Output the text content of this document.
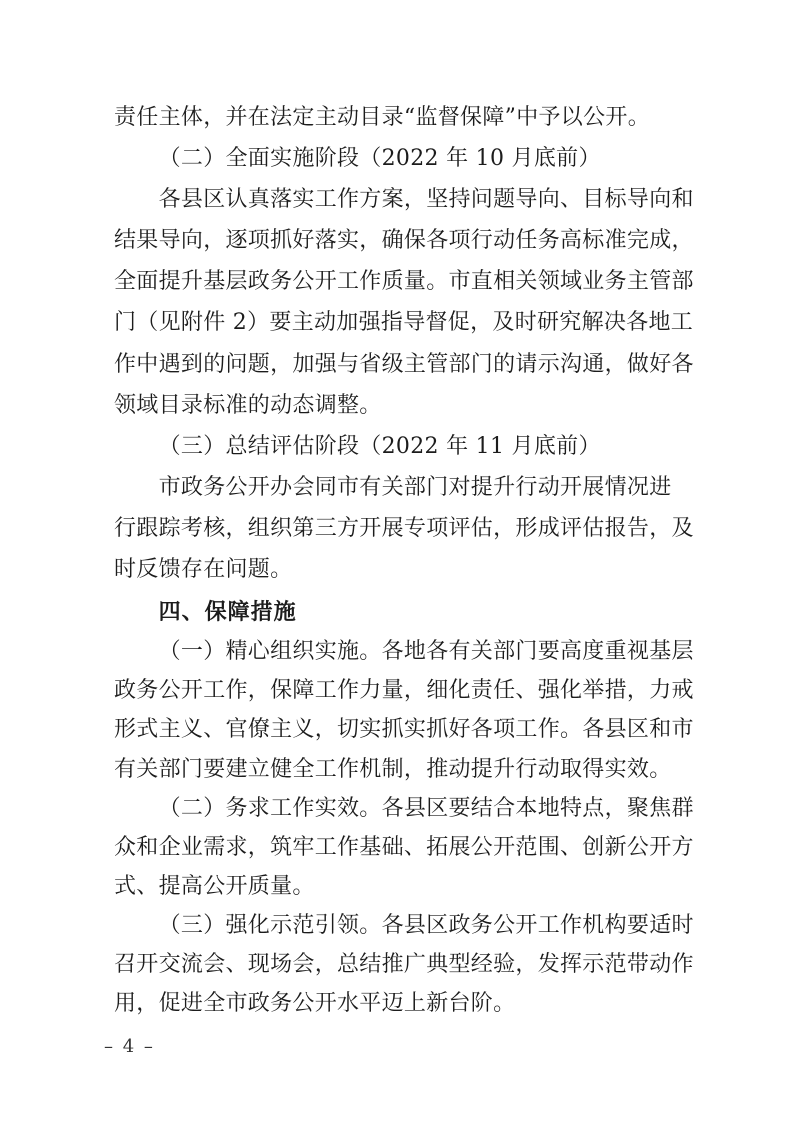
责任主体，并在法定主动目录“监督保障”中予以公开。
（二）全面实施阶段（2022 年 10 月底前）
各县区认真落实工作方案，坚持问题导向、目标导向和
结果导向，逐项抓好落实，确保各项行动任务高标准完成，
全面提升基层政务公开工作质量。市直相关领域业务主管部
门（见附件 2）要主动加强指导督促，及时研究解决各地工
作中遇到的问题，加强与省级主管部门的请示沟通，做好各
领域目录标准的动态调整。
（三）总结评估阶段（2022 年 11 月底前）
市政务公开办会同市有关部门对提升行动开展情况进
行跟踪考核，组织第三方开展专项评估，形成评估报告，及
时反馈存在问题。
四、保障措施
（一）精心组织实施。各地各有关部门要高度重视基层
政务公开工作，保障工作力量，细化责任、强化举措，力戒
形式主义、官僚主义，切实抓实抓好各项工作。各县区和市
有关部门要建立健全工作机制，推动提升行动取得实效。
（二）务求工作实效。各县区要结合本地特点，聚焦群
众和企业需求，筑牢工作基础、拓展公开范围、创新公开方
式、提高公开质量。
（三）强化示范引领。各县区政务公开工作机构要适时
召开交流会、现场会，总结推广典型经验，发挥示范带动作
用，促进全市政务公开水平迈上新台阶。
– 4 –
